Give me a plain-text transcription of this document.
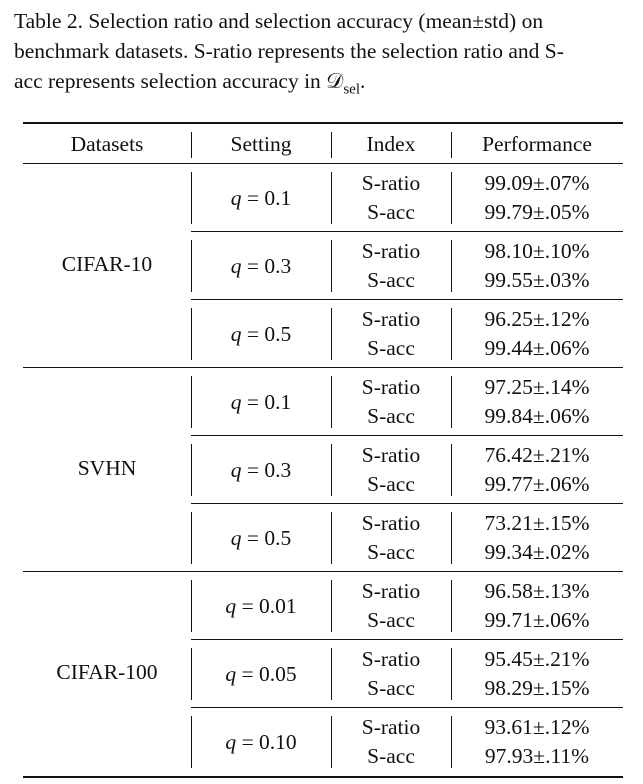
Table 2. Selection ratio and selection accuracy (mean±std) on
benchmark datasets. S-ratio represents the selection ratio and S-
acc represents selection accuracy in 𝒟$_{sel}$.
Datasets	Setting	Index	Performance
CIFAR-10
q = 0.1
S-ratio	99.09±.07%
S-acc	99.79±.05%
q = 0.3
S-ratio	98.10±.10%
S-acc	99.55±.03%
q = 0.5
S-ratio	96.25±.12%
S-acc	99.44±.06%
SVHN
q = 0.1
S-ratio	97.25±.14%
S-acc	99.84±.06%
q = 0.3
S-ratio	76.42±.21%
S-acc	99.77±.06%
q = 0.5
S-ratio	73.21±.15%
S-acc	99.34±.02%
CIFAR-100
q = 0.01
S-ratio	96.58±.13%
S-acc	99.71±.06%
q = 0.05
S-ratio	95.45±.21%
S-acc	98.29±.15%
q = 0.10
S-ratio	93.61±.12%
S-acc	97.93±.11%
